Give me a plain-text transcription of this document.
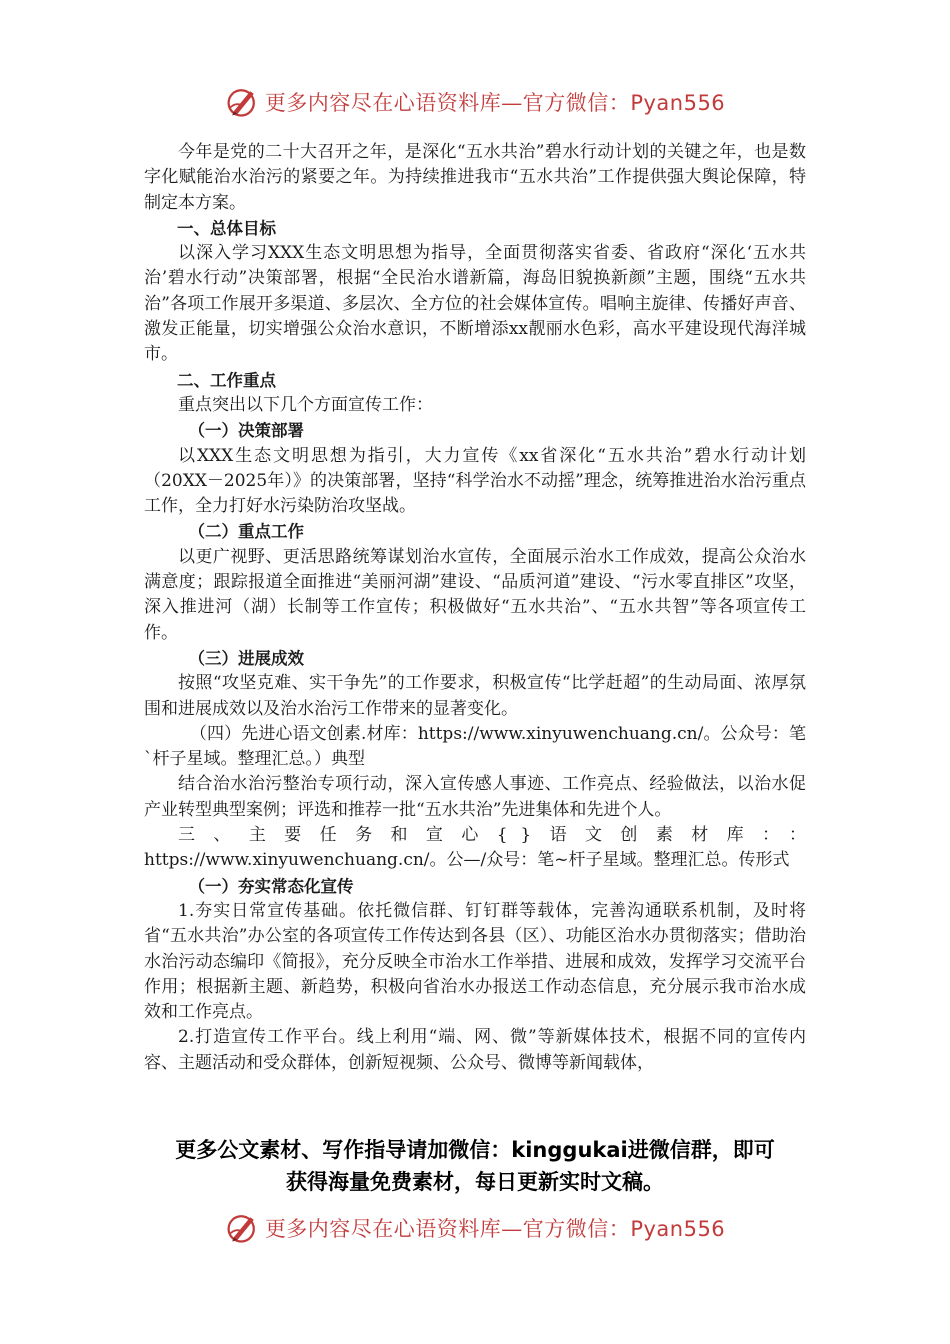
更多内容尽在心语资料库—官方微信：Pyan556

今年是党的二十大召开之年，是深化“五水共治”碧水行动计划的关键之年，也是数字化赋能治水治污的紧要之年。为持续推进我市“五水共治”工作提供强大舆论保障，特制定本方案。

一、总体目标

以深入学习XXX生态文明思想为指导，全面贯彻落实省委、省政府“深化‘五水共治’碧水行动”决策部署，根据“全民治水谱新篇，海岛旧貌换新颜”主题，围绕“五水共治”各项工作展开多渠道、多层次、全方位的社会媒体宣传。唱响主旋律、传播好声音、激发正能量，切实增强公众治水意识，不断增添xx靓丽水色彩，高水平建设现代海洋城市。

二、工作重点

重点突出以下几个方面宣传工作：

（一）决策部署

以XXX生态文明思想为指引，大力宣传《xx省深化“五水共治”碧水行动计划（20XX－2025年）》的决策部署，坚持“科学治水不动摇”理念，统筹推进治水治污重点工作，全力打好水污染防治攻坚战。

（二）重点工作

以更广视野、更活思路统筹谋划治水宣传，全面展示治水工作成效，提高公众治水满意度；跟踪报道全面推进“美丽河湖”建设、“品质河道”建设、“污水零直排区”攻坚，深入推进河（湖）长制等工作宣传；积极做好“五水共治”、“五水共智”等各项宣传工作。

（三）进展成效

按照“攻坚克难、实干争先”的工作要求，积极宣传“比学赶超”的生动局面、浓厚氛围和进展成效以及治水治污工作带来的显著变化。

（四）先进心语文创素.材库：https://www.xinyuwenchuang.cn/。公众号：笔`杆子星域。整理汇总。）典型

结合治水治污整治专项行动，深入宣传感人事迹、工作亮点、经验做法，以治水促产业转型典型案例；评选和推荐一批“五水共治”先进集体和先进个人。

三、主要任务和宣心{}语文创素材库：：https://www.xinyuwenchuang.cn/。公—/众号：笔~杆子星域。整理汇总。传形式

（一）夯实常态化宣传

1.夯实日常宣传基础。依托微信群、钉钉群等载体，完善沟通联系机制，及时将省“五水共治”办公室的各项宣传工作传达到各县（区）、功能区治水办贯彻落实；借助治水治污动态编印《简报》，充分反映全市治水工作举措、进展和成效，发挥学习交流平台作用；根据新主题、新趋势，积极向省治水办报送工作动态信息，充分展示我市治水成效和工作亮点。

2.打造宣传工作平台。线上利用“端、网、微”等新媒体技术，根据不同的宣传内容、主题活动和受众群体，创新短视频、公众号、微博等新闻载体，

更多公文素材、写作指导请加微信：kinggukai进微信群，即可
获得海量免费素材，每日更新实时文稿。
更多内容尽在心语资料库—官方微信：Pyan556
